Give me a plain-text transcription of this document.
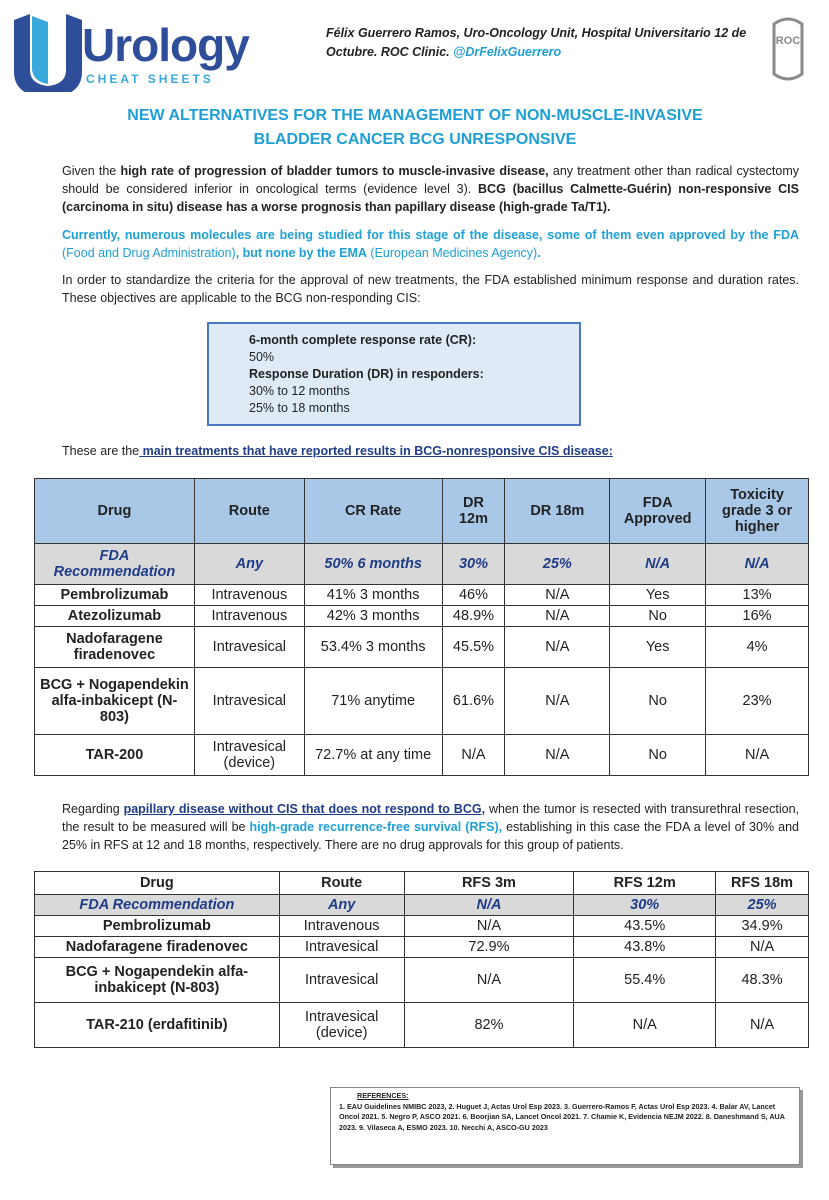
Urology
CHEAT SHEETS
Félix Guerrero Ramos, Uro-Oncology Unit, Hospital Universitario 12 de
Octubre. ROC Clinic. @DrFelixGuerrero
ROC
NEW ALTERNATIVES FOR THE MANAGEMENT OF NON-MUSCLE-INVASIVE
BLADDER CANCER BCG UNRESPONSIVE
Given the high rate of progression of bladder tumors to muscle-invasive disease, any treatment other than radical cystectomy should be considered inferior in oncological terms (evidence level 3). BCG (bacillus Calmette-Guérin) non-responsive CIS (carcinoma in situ) disease has a worse prognosis than papillary disease (high-grade Ta/T1).
Currently, numerous molecules are being studied for this stage of the disease, some of them even approved by the FDA (Food and Drug Administration), but none by the EMA (European Medicines Agency).
In order to standardize the criteria for the approval of new treatments, the FDA established minimum response and duration rates. These objectives are applicable to the BCG non-responding CIS:
6-month complete response rate (CR):
50%
Response Duration (DR) in responders:
30% to 12 months
25% to 18 months
These are the main treatments that have reported results in BCG-nonresponsive CIS disease:
Drug	Route	CR Rate	DR 12m	DR 18m	FDA Approved	Toxicity grade 3 or higher
FDA Recommendation	Any	50% 6 months	30%	25%	N/A	N/A
Pembrolizumab	Intravenous	41% 3 months	46%	N/A	Yes	13%
Atezolizumab	Intravenous	42% 3 months	48.9%	N/A	No	16%
Nadofaragene firadenovec	Intravesical	53.4% 3 months	45.5%	N/A	Yes	4%
BCG + Nogapendekin alfa-inbakicept (N-803)	Intravesical	71% anytime	61.6%	N/A	No	23%
TAR-200	Intravesical (device)	72.7% at any time	N/A	N/A	No	N/A
Regarding papillary disease without CIS that does not respond to BCG, when the tumor is resected with transurethral resection, the result to be measured will be high-grade recurrence-free survival (RFS), establishing in this case the FDA a level of 30% and 25% in RFS at 12 and 18 months, respectively. There are no drug approvals for this group of patients.
Drug	Route	RFS 3m	RFS 12m	RFS 18m
FDA Recommendation	Any	N/A	30%	25%
Pembrolizumab	Intravenous	N/A	43.5%	34.9%
Nadofaragene firadenovec	Intravesical	72.9%	43.8%	N/A
BCG + Nogapendekin alfa-inbakicept (N-803)	Intravesical	N/A	55.4%	48.3%
TAR-210 (erdafitinib)	Intravesical (device)	82%	N/A	N/A
REFERENCES:
1. EAU Guidelines NMIBC 2023, 2. Huguet J, Actas Urol Esp 2023. 3. Guerrero-Ramos F, Actas Urol Esp 2023. 4. Balar AV, Lancet Oncol 2021. 5. Negro P, ASCO 2021. 6. Boorjian SA, Lancet Oncol 2021. 7. Chamie K, Evidencia NEJM 2022. 8. Daneshmand S, AUA 2023. 9. Vilaseca A, ESMO 2023. 10. Necchi A, ASCO-GU 2023
